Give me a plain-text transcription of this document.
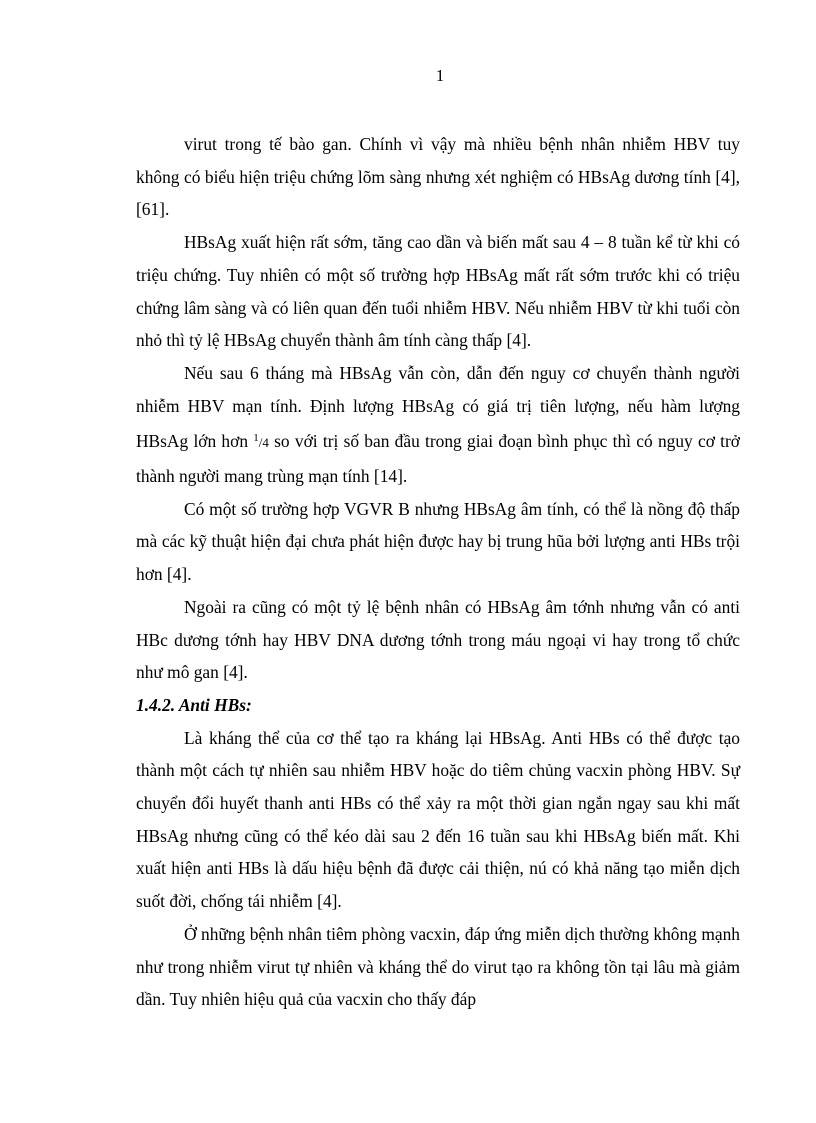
1

virut trong tế bào gan. Chính vì vậy mà nhiều bệnh nhân nhiễm HBV tuy không có biểu hiện triệu chứng lõm sàng nhưng xét nghiệm có HBsAg dương tính [4],[61].

HBsAg xuất hiện rất sớm, tăng cao dần và biến mất sau 4 – 8 tuần kể từ khi có triệu chứng. Tuy nhiên có một số trường hợp HBsAg mất rất sớm trước khi có triệu chứng lâm sàng và có liên quan đến tuổi nhiễm HBV. Nếu nhiễm HBV từ khi tuổi còn nhỏ thì tỷ lệ HBsAg chuyển thành âm tính càng thấp [4].

Nếu sau 6 tháng mà HBsAg vẫn còn, dẫn đến nguy cơ chuyển thành người nhiễm HBV mạn tính. Định lượng HBsAg có giá trị tiên lượng, nếu hàm lượng HBsAg lớn hơn $^1$/4 so với trị số ban đầu trong giai đoạn bình phục thì có nguy cơ trở thành người mang trùng mạn tính [14].

Có một số trường hợp VGVR B nhưng HBsAg âm tính, có thể là nồng độ thấp mà các kỹ thuật hiện đại chưa phát hiện được hay bị trung hũa bởi lượng anti HBs trội hơn [4].

Ngoài ra cũng có một tỷ lệ bệnh nhân có HBsAg âm tớnh nhưng vẫn có anti HBc dương tớnh hay HBV DNA dương tớnh trong máu ngoại vi hay trong tổ chức như mô gan [4].

1.4.2. Anti HBs:

Là kháng thể của cơ thể tạo ra kháng lại HBsAg. Anti HBs có thể được tạo thành một cách tự nhiên sau nhiễm HBV hoặc do tiêm chủng vacxin phòng HBV. Sự chuyển đổi huyết thanh anti HBs có thể xảy ra một thời gian ngắn ngay sau khi mất HBsAg nhưng cũng có thể kéo dài sau 2 đến 16 tuần sau khi HBsAg biến mất. Khi xuất hiện anti HBs là dấu hiệu bệnh đã được cải thiện, nú có khả năng tạo miễn dịch suốt đời, chống tái nhiễm [4].

Ở những bệnh nhân tiêm phòng vacxin, đáp ứng miễn dịch thường không mạnh như trong nhiễm virut tự nhiên và kháng thể do virut tạo ra không tồn tại lâu mà giảm dần. Tuy nhiên hiệu quả của vacxin cho thấy đáp
